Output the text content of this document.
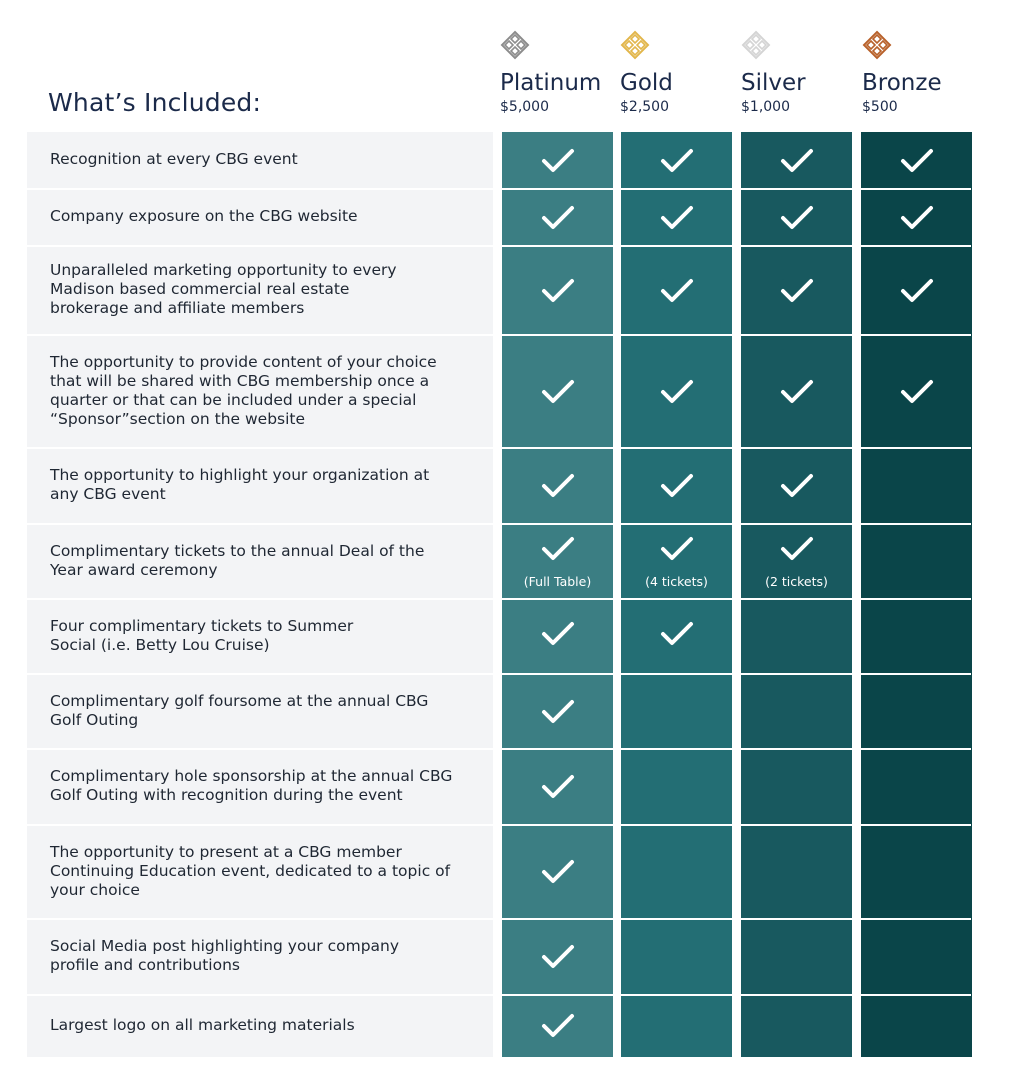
What’s Included:
Platinum
$5,000
Gold
$2,500
Silver
$1,000
Bronze
$500
Recognition at every CBG event
Company exposure on the CBG website
Unparalleled marketing opportunity to every
Madison based commercial real estate
brokerage and affiliate members
The opportunity to provide content of your choice
that will be shared with CBG membership once a
quarter or that can be included under a special
“Sponsor”section on the website
The opportunity to highlight your organization at
any CBG event
Complimentary tickets to the annual Deal of the
Year award ceremony
(Full Table)	(4 tickets)	(2 tickets)
Four complimentary tickets to Summer
Social (i.e. Betty Lou Cruise)
Complimentary golf foursome at the annual CBG
Golf Outing
Complimentary hole sponsorship at the annual CBG
Golf Outing with recognition during the event
The opportunity to present at a CBG member
Continuing Education event, dedicated to a topic of
your choice
Social Media post highlighting your company
profile and contributions
Largest logo on all marketing materials
